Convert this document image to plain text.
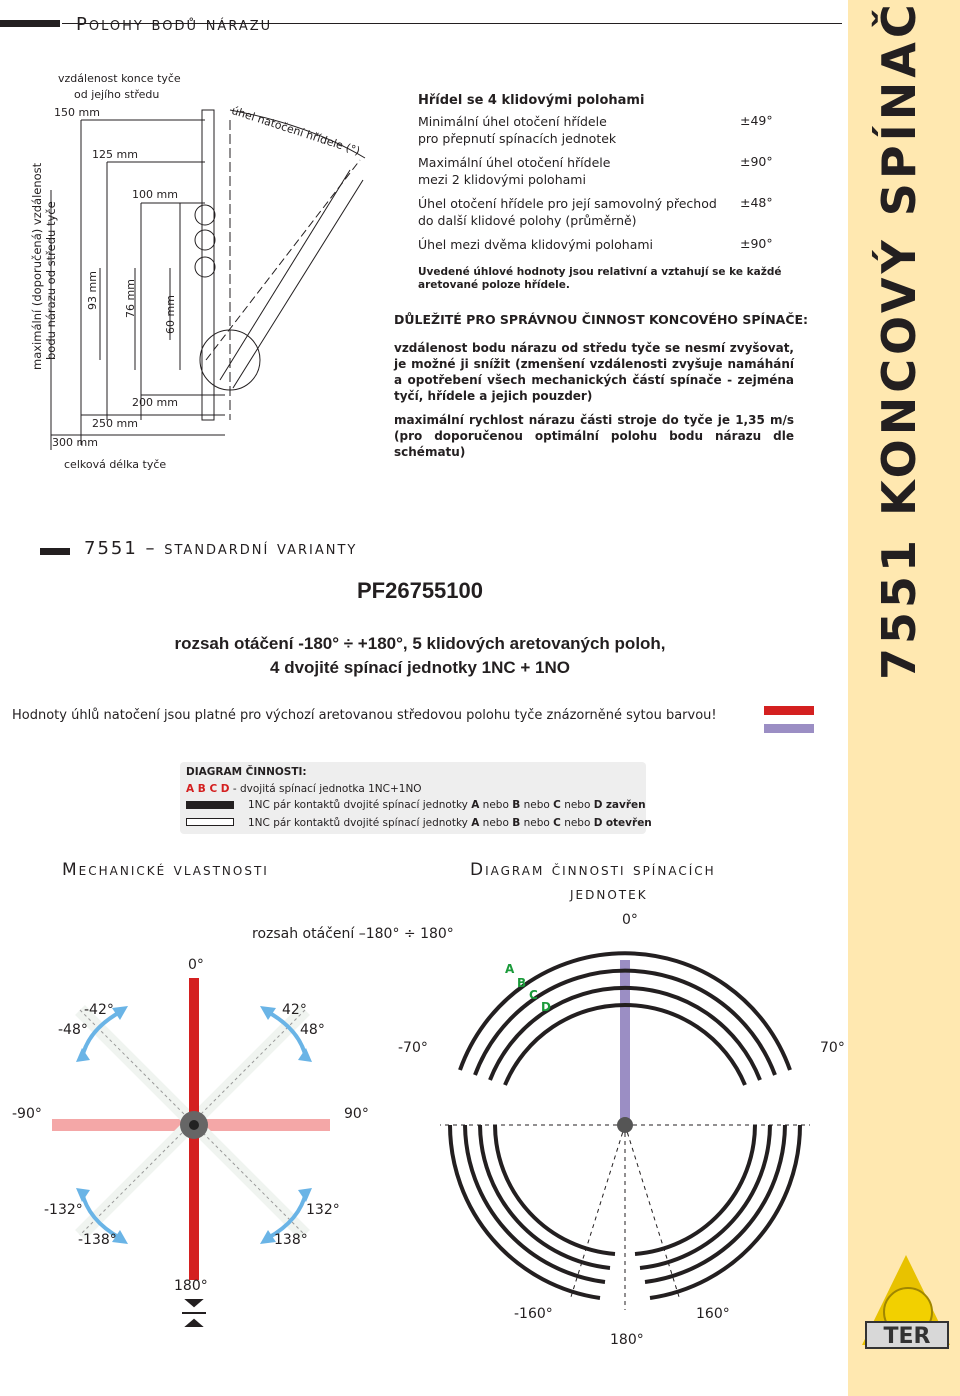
7551 KONCOVÝ SPÍNAČ
TER
Polohy bodů nárazu
vzdálenost konce tyče
od jejího středu
150 mm
125 mm
100 mm
200 mm
250 mm
300 mm
celková délka tyče
93 mm 76 mm 60 mm
maximální (doporučená) vzdálenost bodu nárazu od středu tyče
úhel natočení hřídele (°)
Hřídel se 4 klidovými polohami
Minimální úhel otočení hřídele
pro přepnutí spínacích jednotek
±49°
Maximální úhel otočení hřídele
mezi 2 klidovými polohami
±90°
Úhel otočení hřídele pro její samovolný přechod
do další klidové polohy (průměrně)
±48°
Úhel mezi dvěma klidovými polohami	±90°
Uvedené úhlové hodnoty jsou relativní a vztahují se ke každé
aretované poloze hřídele.
DŮLEŽITÉ PRO SPRÁVNOU ČINNOST KONCOVÉHO SPÍNAČE:
vzdálenost bodu nárazu od středu tyče se nesmí zvyšovat, je možné ji snížit (zmenšení vzdálenosti zvyšuje namáhání a opotřebení všech mechanických částí spínače - zejména tyčí, hřídele a jejich pouzder)
maximální rychlost nárazu části stroje do tyče je 1,35 m/s (pro doporučenou optimální polohu bodu nárazu dle schématu)
7551 – standardní varianty
PF26755100
rozsah otáčení -180° ÷ +180°, 5 klidových aretovaných poloh,
4 dvojité spínací jednotky 1NC + 1NO
Hodnoty úhlů natočení jsou platné pro výchozí aretovanou středovou polohu tyče znázorněné sytou barvou!
DIAGRAM ČINNOSTI:
A B C D - dvojitá spínací jednotka 1NC+1NO
1NC pár kontaktů dvojité spínací jednotky A nebo B nebo C nebo D zavřen
1NC pár kontaktů dvojité spínací jednotky A nebo B nebo C nebo D otevřen
Mechanické vlastnosti	Diagram činnosti spínacích
jednotek
rozsah otáčení –180° ÷ 180°
0°
-42°
-48°
42°
48°
-90°	90°
-132°
-138°
132°
138°
180°
0°
-70°	70°
-160°	160°
180°
A
B
C
D
